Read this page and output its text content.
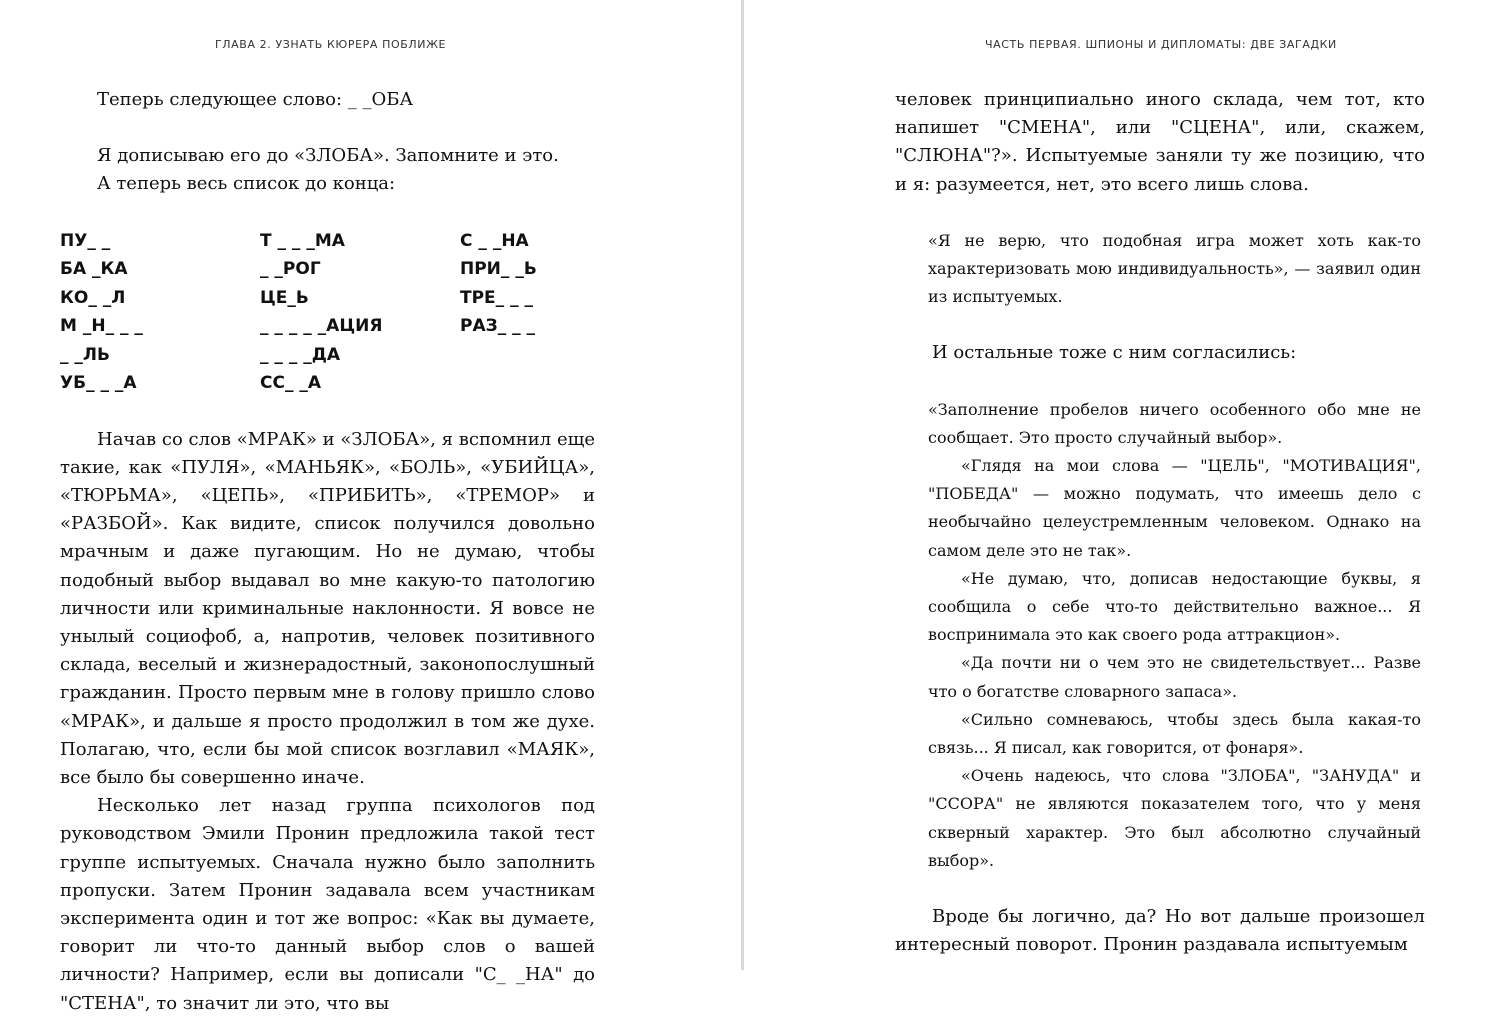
ГЛАВА 2. УЗНАТЬ КЮРЕРА ПОБЛИЖЕ

Теперь следующее слово: _ _ОБА

Я дописываю его до «ЗЛОБА». Запомните и это.

А теперь весь список до конца:

ПУ_ _	Т _ _ _МА	С _ _НА
БА _КА	_ _РОГ	ПРИ_ _Ь
КО_ _Л	ЦЕ_Ь	ТРЕ_ _ _
М _Н_ _ _	_ _ _ _ _АЦИЯ	РАЗ_ _ _
_ _ЛЬ	_ _ _ _ДА
УБ_ _ _А	СС_ _А

Начав со слов «МРАК» и «ЗЛОБА», я вспомнил еще такие, как «ПУЛЯ», «МАНЬЯК», «БОЛЬ», «УБИЙЦА», «ТЮРЬМА», «ЦЕПЬ», «ПРИБИТЬ», «ТРЕМОР» и «РАЗБОЙ». Как видите, список получился довольно мрачным и даже пугающим. Но не думаю, чтобы подобный выбор выдавал во мне какую-то патологию личности или криминальные наклонности. Я вовсе не унылый социофоб, а, напротив, человек позитивного склада, веселый и жизнерадостный, законопослушный гражданин. Просто первым мне в голову пришло слово «МРАК», и дальше я просто продолжил в том же духе. Полагаю, что, если бы мой список возглавил «МАЯК», все было бы совершенно иначе.

Несколько лет назад группа психологов под руководством Эмили Пронин предложила такой тест группе испытуемых. Сначала нужно было заполнить пропуски. Затем Пронин задавала всем участникам эксперимента один и тот же вопрос: «Как вы думаете, говорит ли что-то данный выбор слов о вашей личности? Например, если вы дописали "С_ _НА" до "СТЕНА", то значит ли это, что вы

ЧАСТЬ ПЕРВАЯ. ШПИОНЫ И ДИПЛОМАТЫ: ДВЕ ЗАГАДКИ

человек принципиально иного склада, чем тот, кто напишет "СМЕНА", или "СЦЕНА", или, скажем, "СЛЮНА"?». Испытуемые заняли ту же позицию, что и я: разумеется, нет, это всего лишь слова.

«Я не верю, что подобная игра может хоть как-то характеризовать мою индивидуальность», — заявил один из испытуемых.

И остальные тоже с ним согласились:

«Заполнение пробелов ничего особенного обо мне не сообщает. Это просто случайный выбор».

«Глядя на мои слова — "ЦЕЛЬ", "МОТИВАЦИЯ", "ПОБЕДА" — можно подумать, что имеешь дело с необычайно целеустремленным человеком. Однако на самом деле это не так».

«Не думаю, что, дописав недостающие буквы, я сообщила о себе что-то действительно важное... Я воспринимала это как своего рода аттракцион».

«Да почти ни о чем это не свидетельствует... Разве что о богатстве словарного запаса».

«Сильно сомневаюсь, чтобы здесь была какая-то связь... Я писал, как говорится, от фонаря».

«Очень надеюсь, что слова "ЗЛОБА", "ЗАНУДА" и "ССОРА" не являются показателем того, что у меня скверный характер. Это был абсолютно случайный выбор».

Вроде бы логично, да? Но вот дальше произошел интересный поворот. Пронин раздавала испытуемым
